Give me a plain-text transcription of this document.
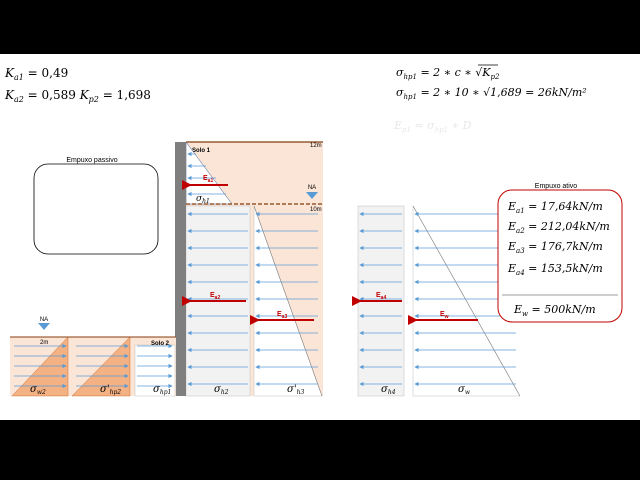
$K_{a1} = 0,49$
$K_{a2} = 0,589$ $K_{p2} = 1,698$
$\sigma_{hp1} = 2$ ∗ c ∗ $√K_{p2}$
$\sigma_{hp1} = 2$ ∗ 10 ∗ √1,689 = 26kN/m²
$E_{p1} = \sigma_{hp1}$ ∗ D
Empuxo passivo
Solo 1
12m
NA
10m
NA
2m	Solo 2
$E_{a1}$
$\sigma_{h1}$
$E_{a2}$
$E_{a3}$
$E_{a4}$
$E_w$
$\sigma_{w2}$	$\sigma'_{hp2}$	$\sigma_{hp1}$	$\sigma_{h2}$	$\sigma'_{h3}$	$\sigma_{h4}$	$\sigma_w$
Empuxo ativo
$E_{a1} = 17,64kN/m$
$E_{a2} = 212,04kN/m$
$E_{a3} = 176,7kN/m$
$E_{a4} = 153,5kN/m$
$E_w = 500kN/m$
